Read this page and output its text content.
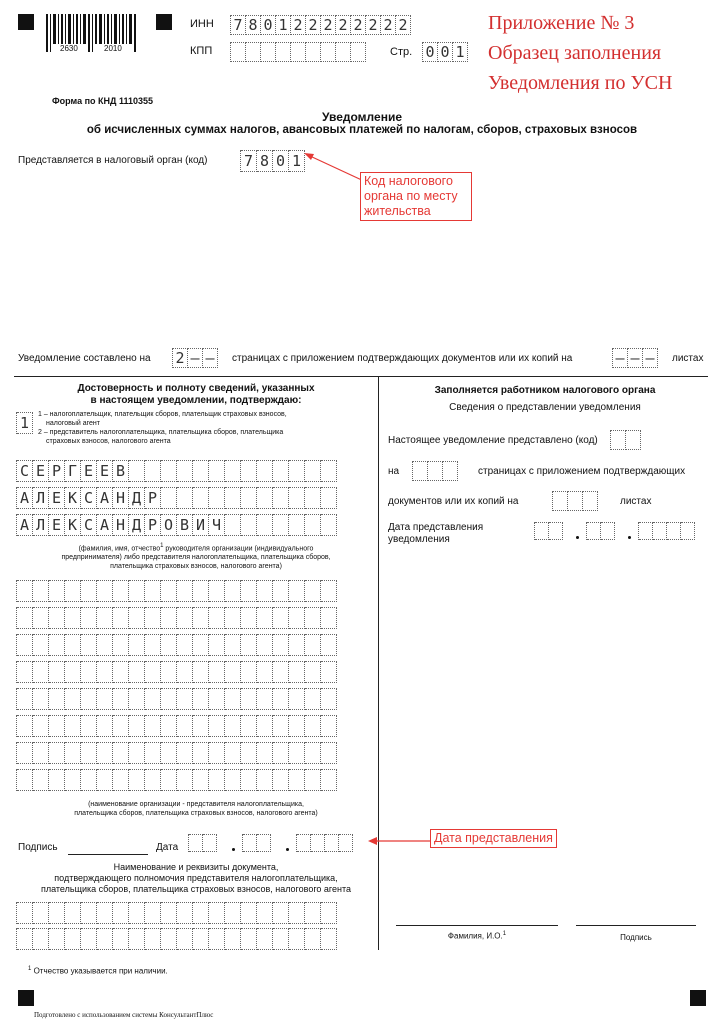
2630	2010
ИНН 7 8 0 1 2 2 2 2 2 2 2 2
КПП	Стр. 0 0 1
Приложение № 3
Образец заполнения
Уведомления по УСН
Форма по КНД 1110355
Уведомление
об исчисленных суммах налогов, авансовых платежей по налогам, сборов, страховых взносов
Представляется в налоговый орган (код) 7 8 0 1
Код налогового
органа по месту
жительства
Уведомление составлено на 2 – –	страницах с приложением подтверждающих документов или их копий на	– – –	листах
Достоверность и полноту сведений, указанных
в настоящем уведомлении, подтверждаю:
1	1 – налогоплательщик, плательщик сборов, плательщик страховых взносов,
налоговый агент
2 – представитель налогоплательщика, плательщика сборов, плательщика
страховых взносов, налогового агента
С Е Р Г Е Е В
А Л Е К С А Н Д Р
А Л Е К С А Н Д Р О В И Ч
(фамилия, имя, отчество$^1$ руководителя организации (индивидуального
предпринимателя) либо представителя налогоплательщика, плательщика сборов,
плательщика страховых взносов, налогового агента)
(наименование организации - представителя налогоплательщика,
плательщика сборов, плательщика страховых взносов, налогового агента)
Подпись	Дата
Дата представления
Наименование и реквизиты документа,
подтверждающего полномочия представителя налогоплательщика,
плательщика сборов, плательщика страховых взносов, налогового агента
Заполняется работником налогового органа
Сведения о представлении уведомления
Настоящее уведомление представлено (код)
на	страницах с приложением подтверждающих
документов или их копий на	листах
Дата представления
уведомления
Фамилия, И.О.$^1$	Подпись
$^1$ Отчество указывается при наличии.
Подготовлено с использованием системы КонсультантПлюс
